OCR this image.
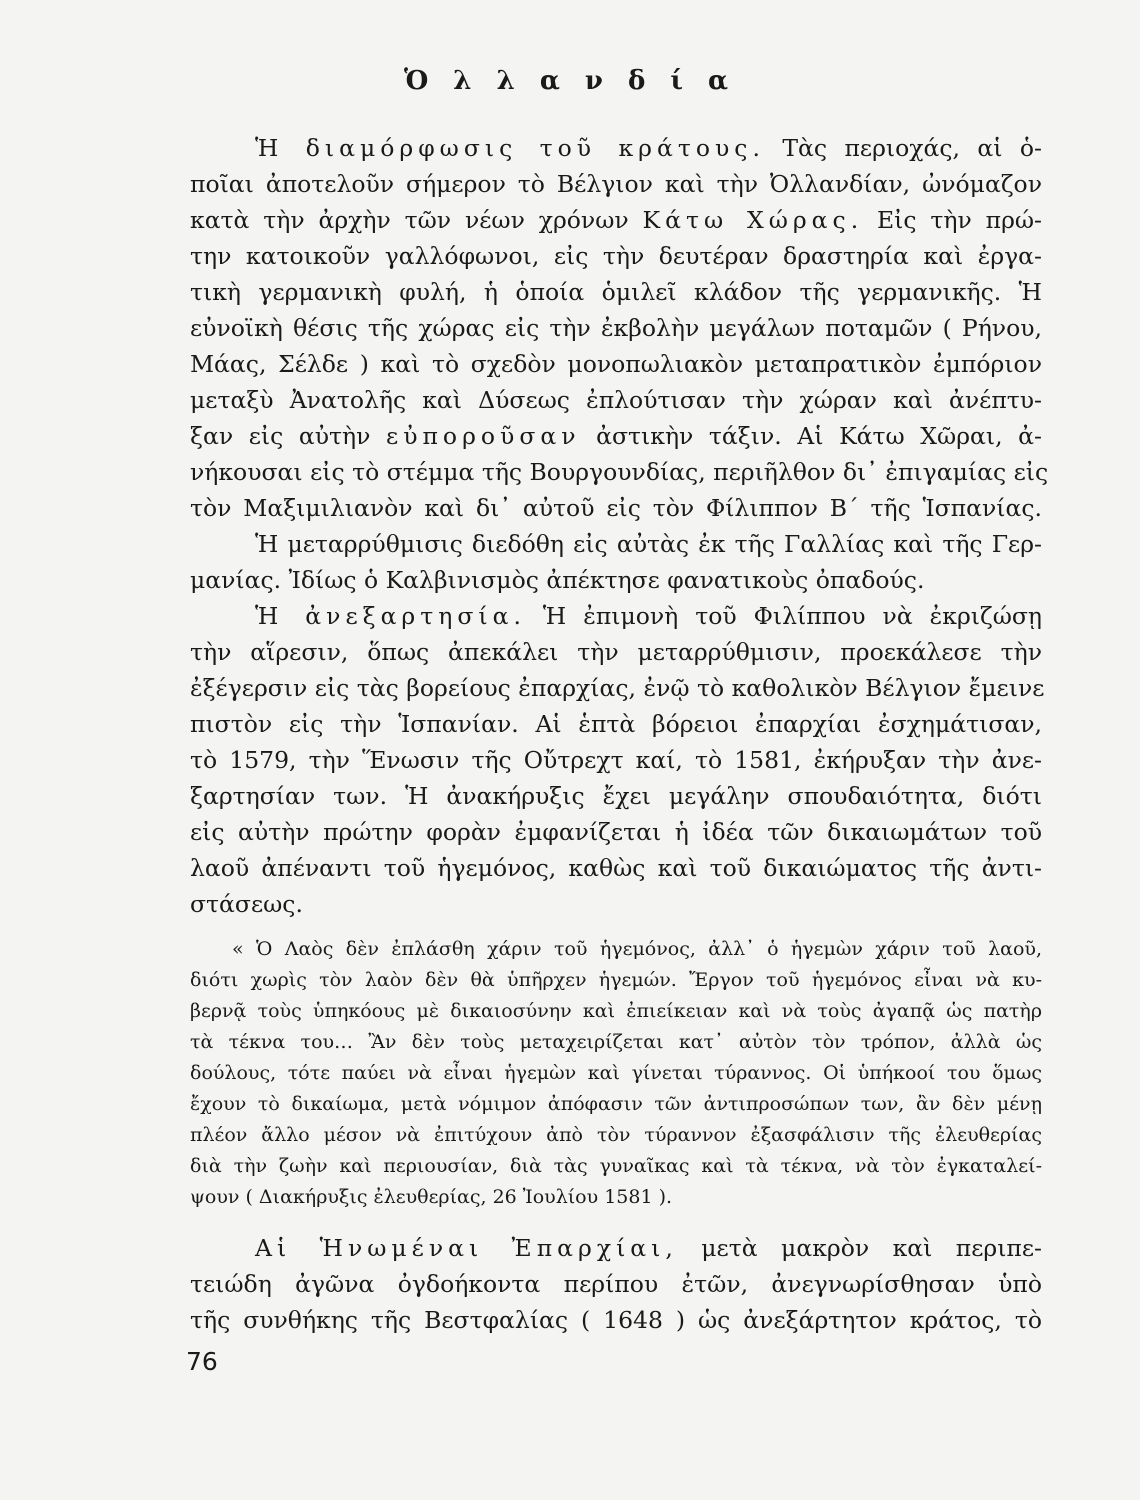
Ὁ λ λ α ν δ ί α
Ἡ διαμόρφωσις τοῦ κράτους. Τὰς περιοχάς, αἱ ὁ-
ποῖαι ἀποτελοῦν σήμερον τὸ Βέλγιον καὶ τὴν Ὀλλανδίαν, ὠνόμαζον
κατὰ τὴν ἀρχὴν τῶν νέων χρόνων Κάτω Χώρας. Εἰς τὴν πρώ-
την κατοικοῦν γαλλόφωνοι, εἰς τὴν δευτέραν δραστηρία καὶ ἐργα-
τικὴ γερμανικὴ φυλή, ἡ ὁποία ὁμιλεῖ κλάδον τῆς γερμανικῆς. Ἡ
εὐνοϊκὴ θέσις τῆς χώρας εἰς τὴν ἐκβολὴν μεγάλων ποταμῶν ( Ρήνου,
Μάας, Σέλδε ) καὶ τὸ σχεδὸν μονοπωλιακὸν μεταπρατικὸν ἐμπόριον
μεταξὺ Ἀνατολῆς καὶ Δύσεως ἐπλούτισαν τὴν χώραν καὶ ἀνέπτυ-
ξαν εἰς αὐτὴν εὐποροῦσαν ἀστικὴν τάξιν. Αἱ Κάτω Χῶραι, ἀ-
νήκουσαι εἰς τὸ στέμμα τῆς Βουργουνδίας, περιῆλθον δι᾿ ἐπιγαμίας εἰς
τὸν Μαξιμιλιανὸν καὶ δι᾿ αὐτοῦ εἰς τὸν Φίλιππον Β΄ τῆς Ἱσπανίας.
Ἡ μεταρρύθμισις διεδόθη εἰς αὐτὰς ἐκ τῆς Γαλλίας καὶ τῆς Γερ-
μανίας. Ἰδίως ὁ Καλβινισμὸς ἀπέκτησε φανατικοὺς ὀπαδούς.
Ἡ ἀνεξαρτησία. Ἡ ἐπιμονὴ τοῦ Φιλίππου νὰ ἐκριζώσῃ
τὴν αἵρεσιν, ὅπως ἀπεκάλει τὴν μεταρρύθμισιν, προεκάλεσε τὴν
ἐξέγερσιν εἰς τὰς βορείους ἐπαρχίας, ἐνῷ τὸ καθολικὸν Βέλγιον ἔμεινε
πιστὸν εἰς τὴν Ἱσπανίαν. Αἱ ἑπτὰ βόρειοι ἐπαρχίαι ἐσχημάτισαν,
τὸ 1579, τὴν Ἕνωσιν τῆς Οὔτρεχτ καί, τὸ 1581, ἐκήρυξαν τὴν ἀνε-
ξαρτησίαν των. Ἡ ἀνακήρυξις ἔχει μεγάλην σπουδαιότητα, διότι
εἰς αὐτὴν πρώτην φορὰν ἐμφανίζεται ἡ ἰδέα τῶν δικαιωμάτων τοῦ
λαοῦ ἀπέναντι τοῦ ἡγεμόνος, καθὼς καὶ τοῦ δικαιώματος τῆς ἀντι-
στάσεως.
« Ὁ Λαὸς δὲν ἐπλάσθη χάριν τοῦ ἡγεμόνος, ἀλλ᾿ ὁ ἡγεμὼν χάριν τοῦ λαοῦ,
διότι χωρὶς τὸν λαὸν δὲν θὰ ὑπῆρχεν ἡγεμών. Ἔργον τοῦ ἡγεμόνος εἶναι νὰ κυ-
βερνᾷ τοὺς ὑπηκόους μὲ δικαιοσύνην καὶ ἐπιείκειαν καὶ νὰ τοὺς ἀγαπᾷ ὡς πατὴρ
τὰ τέκνα του… Ἂν δὲν τοὺς μεταχειρίζεται κατ᾿ αὐτὸν τὸν τρόπον, ἀλλὰ ὡς
δούλους, τότε παύει νὰ εἶναι ἡγεμὼν καὶ γίνεται τύραννος. Οἱ ὑπήκοοί του ὅμως
ἔχουν τὸ δικαίωμα, μετὰ νόμιμον ἀπόφασιν τῶν ἀντιπροσώπων των, ἂν δὲν μένῃ
πλέον ἄλλο μέσον νὰ ἐπιτύχουν ἀπὸ τὸν τύραννον ἐξασφάλισιν τῆς ἐλευθερίας
διὰ τὴν ζωὴν καὶ περιουσίαν, διὰ τὰς γυναῖκας καὶ τὰ τέκνα, νὰ τὸν ἐγκαταλεί-
ψουν ( Διακήρυξις ἐλευθερίας, 26 Ἰουλίου 1581 ).
Αἱ Ἡνωμέναι Ἐπαρχίαι, μετὰ μακρὸν καὶ περιπε-
τειώδη ἀγῶνα ὀγδοήκοντα περίπου ἐτῶν, ἀνεγνωρίσθησαν ὑπὸ
τῆς συνθήκης τῆς Βεστφαλίας ( 1648 ) ὡς ἀνεξάρτητον κράτος, τὸ
76
